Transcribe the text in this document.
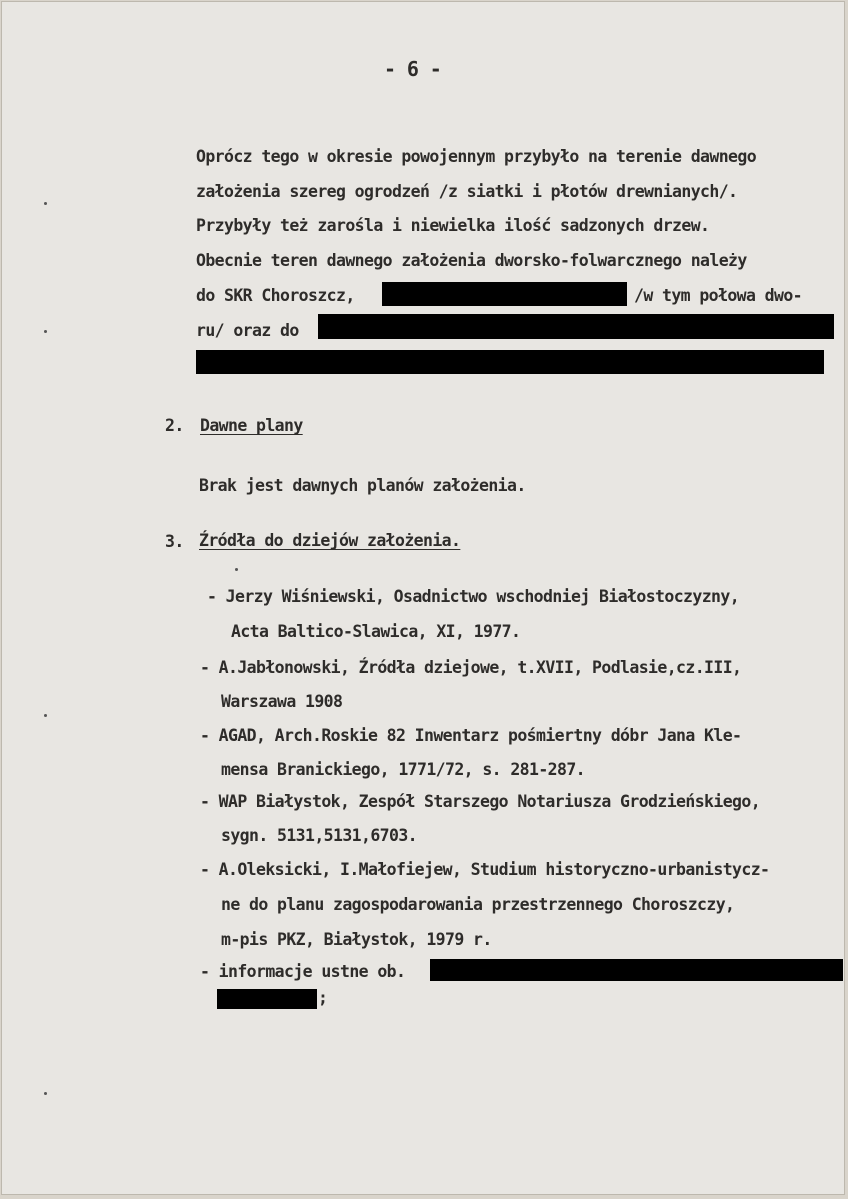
- 6 -
Oprócz tego w okresie powojennym przybyło na terenie dawnego
założenia szereg ogrodzeń /z siatki i płotów drewnianych/.
Przybyły też zarośla i niewielka ilość sadzonych drzew.
Obecnie teren dawnego założenia dworsko-folwarcznego należy
do SKR Choroszcz,	/w tym połowa dwo-
ru/ oraz do
2. Dawne plany
Brak jest dawnych planów założenia.
3. Źródła do dziejów założenia.
- Jerzy Wiśniewski, Osadnictwo wschodniej Białostoczyzny,
Acta Baltico-Slawica, XI, 1977.
- A.Jabłonowski, Źródła dziejowe, t.XVII, Podlasie,cz.III,
Warszawa 1908
- AGAD, Arch.Roskie 82 Inwentarz pośmiertny dóbr Jana Kle-
mensa Branickiego, 1771/72, s. 281-287.
- WAP Białystok, Zespół Starszego Notariusza Grodzieńskiego,
sygn. 5131,5131,6703.
- A.Oleksicki, I.Małofiejew, Studium historyczno-urbanistycz-
ne do planu zagospodarowania przestrzennego Choroszczy,
m-pis PKZ, Białystok, 1979 r.
- informacje ustne ob.
;
